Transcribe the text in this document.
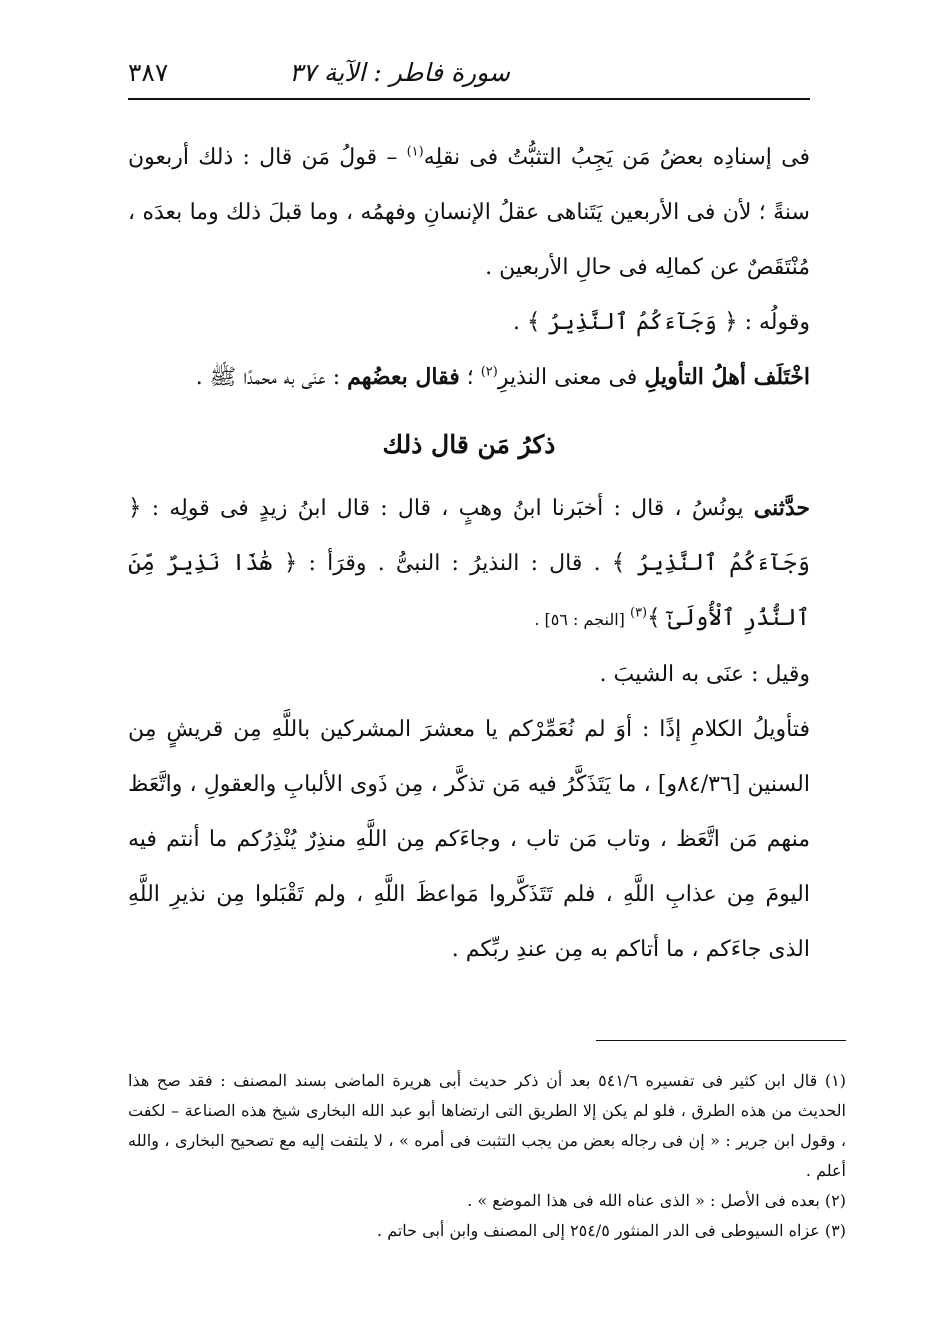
سورة فاطر : الآية ٣٧
٣٨٧

فى إسنادِه بعضُ مَن يَجِبُ التثبُّتُ فى نقلِه$^{(١)}$ – قولُ مَن قال : ذلك أربعون سنةً ؛ لأن فى الأربعين يَتَناهى عقلُ الإنسانِ وفهمُه ، وما قبلَ ذلك وما بعدَه ، مُنْتَقَصٌ عن كمالِه فى حالِ الأربعين .

وقولُه : ﴿ وَجَآءَكُمُ ٱلنَّذِيرُ ﴾ .

اخْتَلَف أهلُ التأويلِ فى معنى النذيرِ$^{(٢)}$ ؛ فقال بعضُهم : عنَى به محمدًا ﷺ .

ذكرُ مَن قال ذلك

حدَّثنى يونُسُ ، قال : أخبَرنا ابنُ وهبٍ ، قال : قال ابنُ زيدٍ فى قولِه : ﴿ وَجَآءَكُمُ ٱلنَّذِيرُ ﴾ . قال : النذيرُ : النبىُّ . وقرَأ : ﴿ هَٰذَا نَذِيرٌ مِّنَ ٱلنُّذُرِ ٱلْأُولَىٰٓ ﴾$^{(٣)}$ [النجم : ٥٦] .

وقيل : عنَى به الشيبَ .

فتأويلُ الكلامِ إذًا : أوَ لم نُعَمِّرْكم يا معشرَ المشركين باللَّهِ مِن قريشٍ مِن السنين [٨٤/٣٦و] ، ما يَتَذَكَّرُ فيه مَن تذكَّر ، مِن ذَوى الألبابِ والعقولِ ، واتَّعَظ منهم مَن اتَّعَظ ، وتاب مَن تاب ، وجاءَكم مِن اللَّهِ منذِرٌ يُنْذِرُكم ما أنتم فيه اليومَ مِن عذابِ اللَّهِ ، فلم تَتَذَكَّروا مَواعظَ اللَّهِ ، ولم تَقْبَلوا مِن نذيرِ اللَّهِ الذى جاءَكم ، ما أتاكم به مِن عندِ ربِّكم .

(١) قال ابن كثير فى تفسيره ٥٤١/٦ بعد أن ذكر حديث أبى هريرة الماضى بسند المصنف : فقد صح هذا الحديث من هذه الطرق ، فلو لم يكن إلا الطريق التى ارتضاها أبو عبد الله البخارى شيخ هذه الصناعة – لكفت ، وقول ابن جرير : « إن فى رجاله بعض من يجب التثبت فى أمره » ، لا يلتفت إليه مع تصحيح البخارى ، والله أعلم .

(٢) بعده فى الأصل : « الذى عناه الله فى هذا الموضع » .

(٣) عزاه السيوطى فى الدر المنثور ٢٥٤/٥ إلى المصنف وابن أبى حاتم .
